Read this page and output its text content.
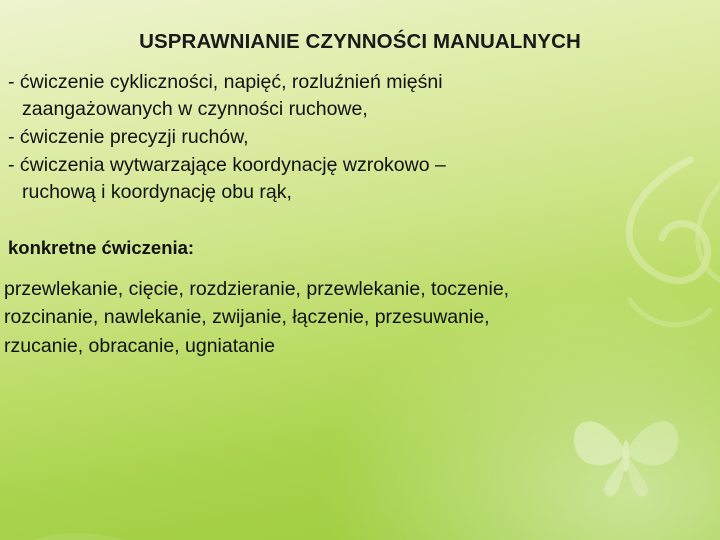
USPRAWNIANIE CZYNNOŚCI MANUALNYCH
- ćwiczenie cykliczności, napięć, rozluźnień mięśni
zaangażowanych w czynności ruchowe,
- ćwiczenie precyzji ruchów,
- ćwiczenia wytwarzające koordynację wzrokowo –
ruchową i koordynację obu rąk,
konkretne ćwiczenia:
przewlekanie, cięcie, rozdzieranie, przewlekanie, toczenie,
rozcinanie, nawlekanie, zwijanie, łączenie, przesuwanie,
rzucanie, obracanie, ugniatanie
